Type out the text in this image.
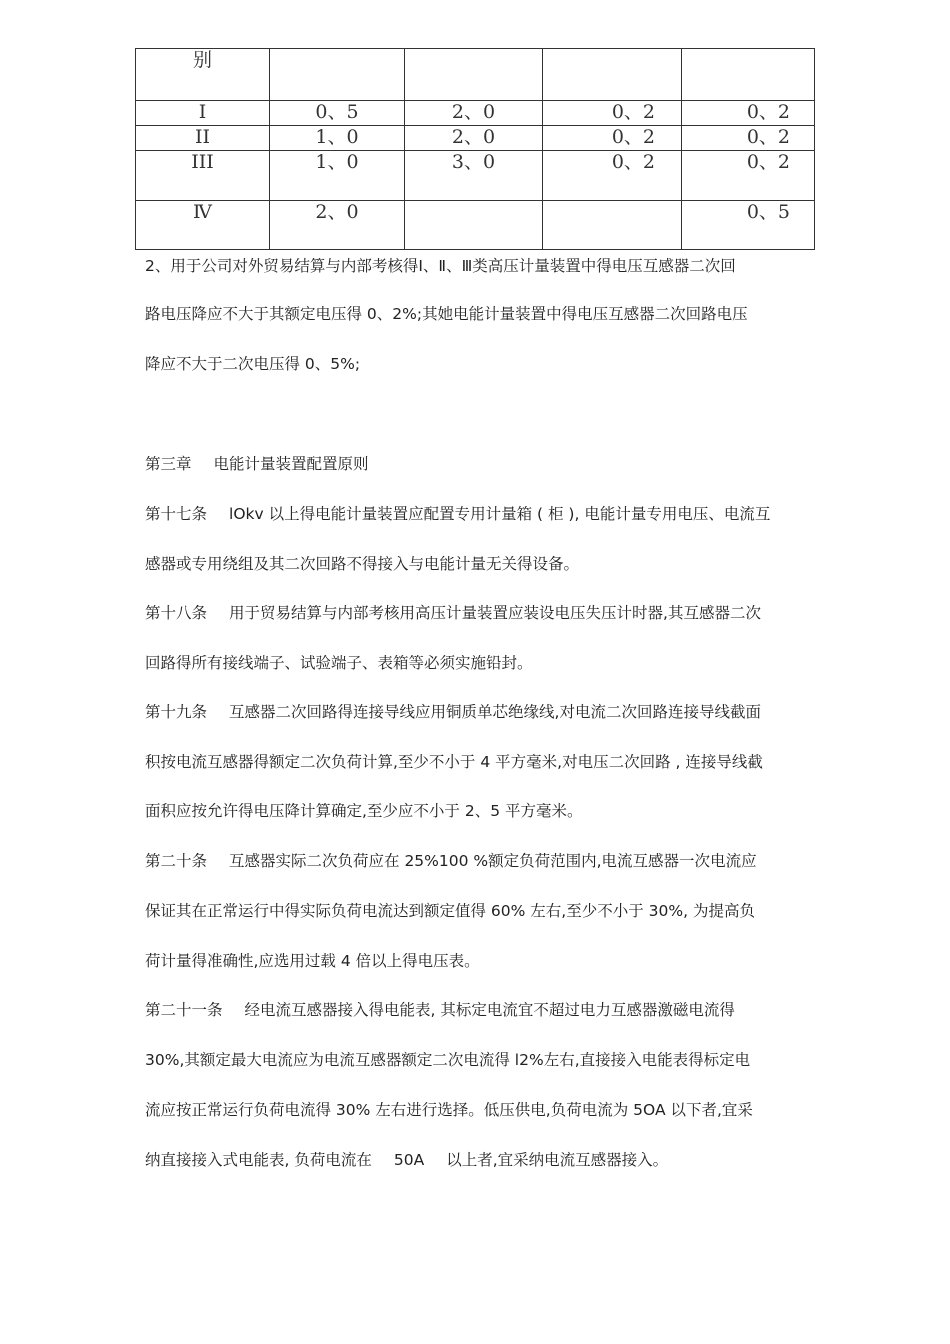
别				
I	0、5	2、0	0、2	0、2
II	1、0	2、0	0、2	0、2
III	1、0	3、0	0、2	0、2
Ⅳ	2、0			0、5
2、用于公司对外贸易结算与内部考核得Ⅰ、Ⅱ、Ⅲ类高压计量装置中得电压互感器二次回
路电压降应不大于其额定电压得 0、2%;其她电能计量装置中得电压互感器二次回路电压
降应不大于二次电压得 0、5%;
第三章 电能计量装置配置原则
第十七条 lOkv 以上得电能计量装置应配置专用计量箱 ( 柜 ), 电能计量专用电压、电流互
感器或专用绕组及其二次回路不得接入与电能计量无关得设备。
第十八条 用于贸易结算与内部考核用高压计量装置应装设电压失压计时器,其互感器二次
回路得所有接线端子、试验端子、表箱等必须实施铅封。
第十九条 互感器二次回路得连接导线应用铜质单芯绝缘线,对电流二次回路连接导线截面
积按电流互感器得额定二次负荷计算,至少不小于 4 平方毫米,对电压二次回路 , 连接导线截
面积应按允许得电压降计算确定,至少应不小于 2、5 平方毫米。
第二十条 互感器实际二次负荷应在 25%100 %额定负荷范围内,电流互感器一次电流应
保证其在正常运行中得实际负荷电流达到额定值得 60% 左右,至少不小于 30%, 为提高负
荷计量得准确性,应选用过载 4 倍以上得电压表。
第二十一条 经电流互感器接入得电能表, 其标定电流宜不超过电力互感器激磁电流得
30%,其额定最大电流应为电流互感器额定二次电流得 l2%左右,直接接入电能表得标定电
流应按正常运行负荷电流得 30% 左右进行选择。低压供电,负荷电流为 5OA 以下者,宜采
纳直接接入式电能表, 负荷电流在 50A 以上者,宜采纳电流互感器接入。
